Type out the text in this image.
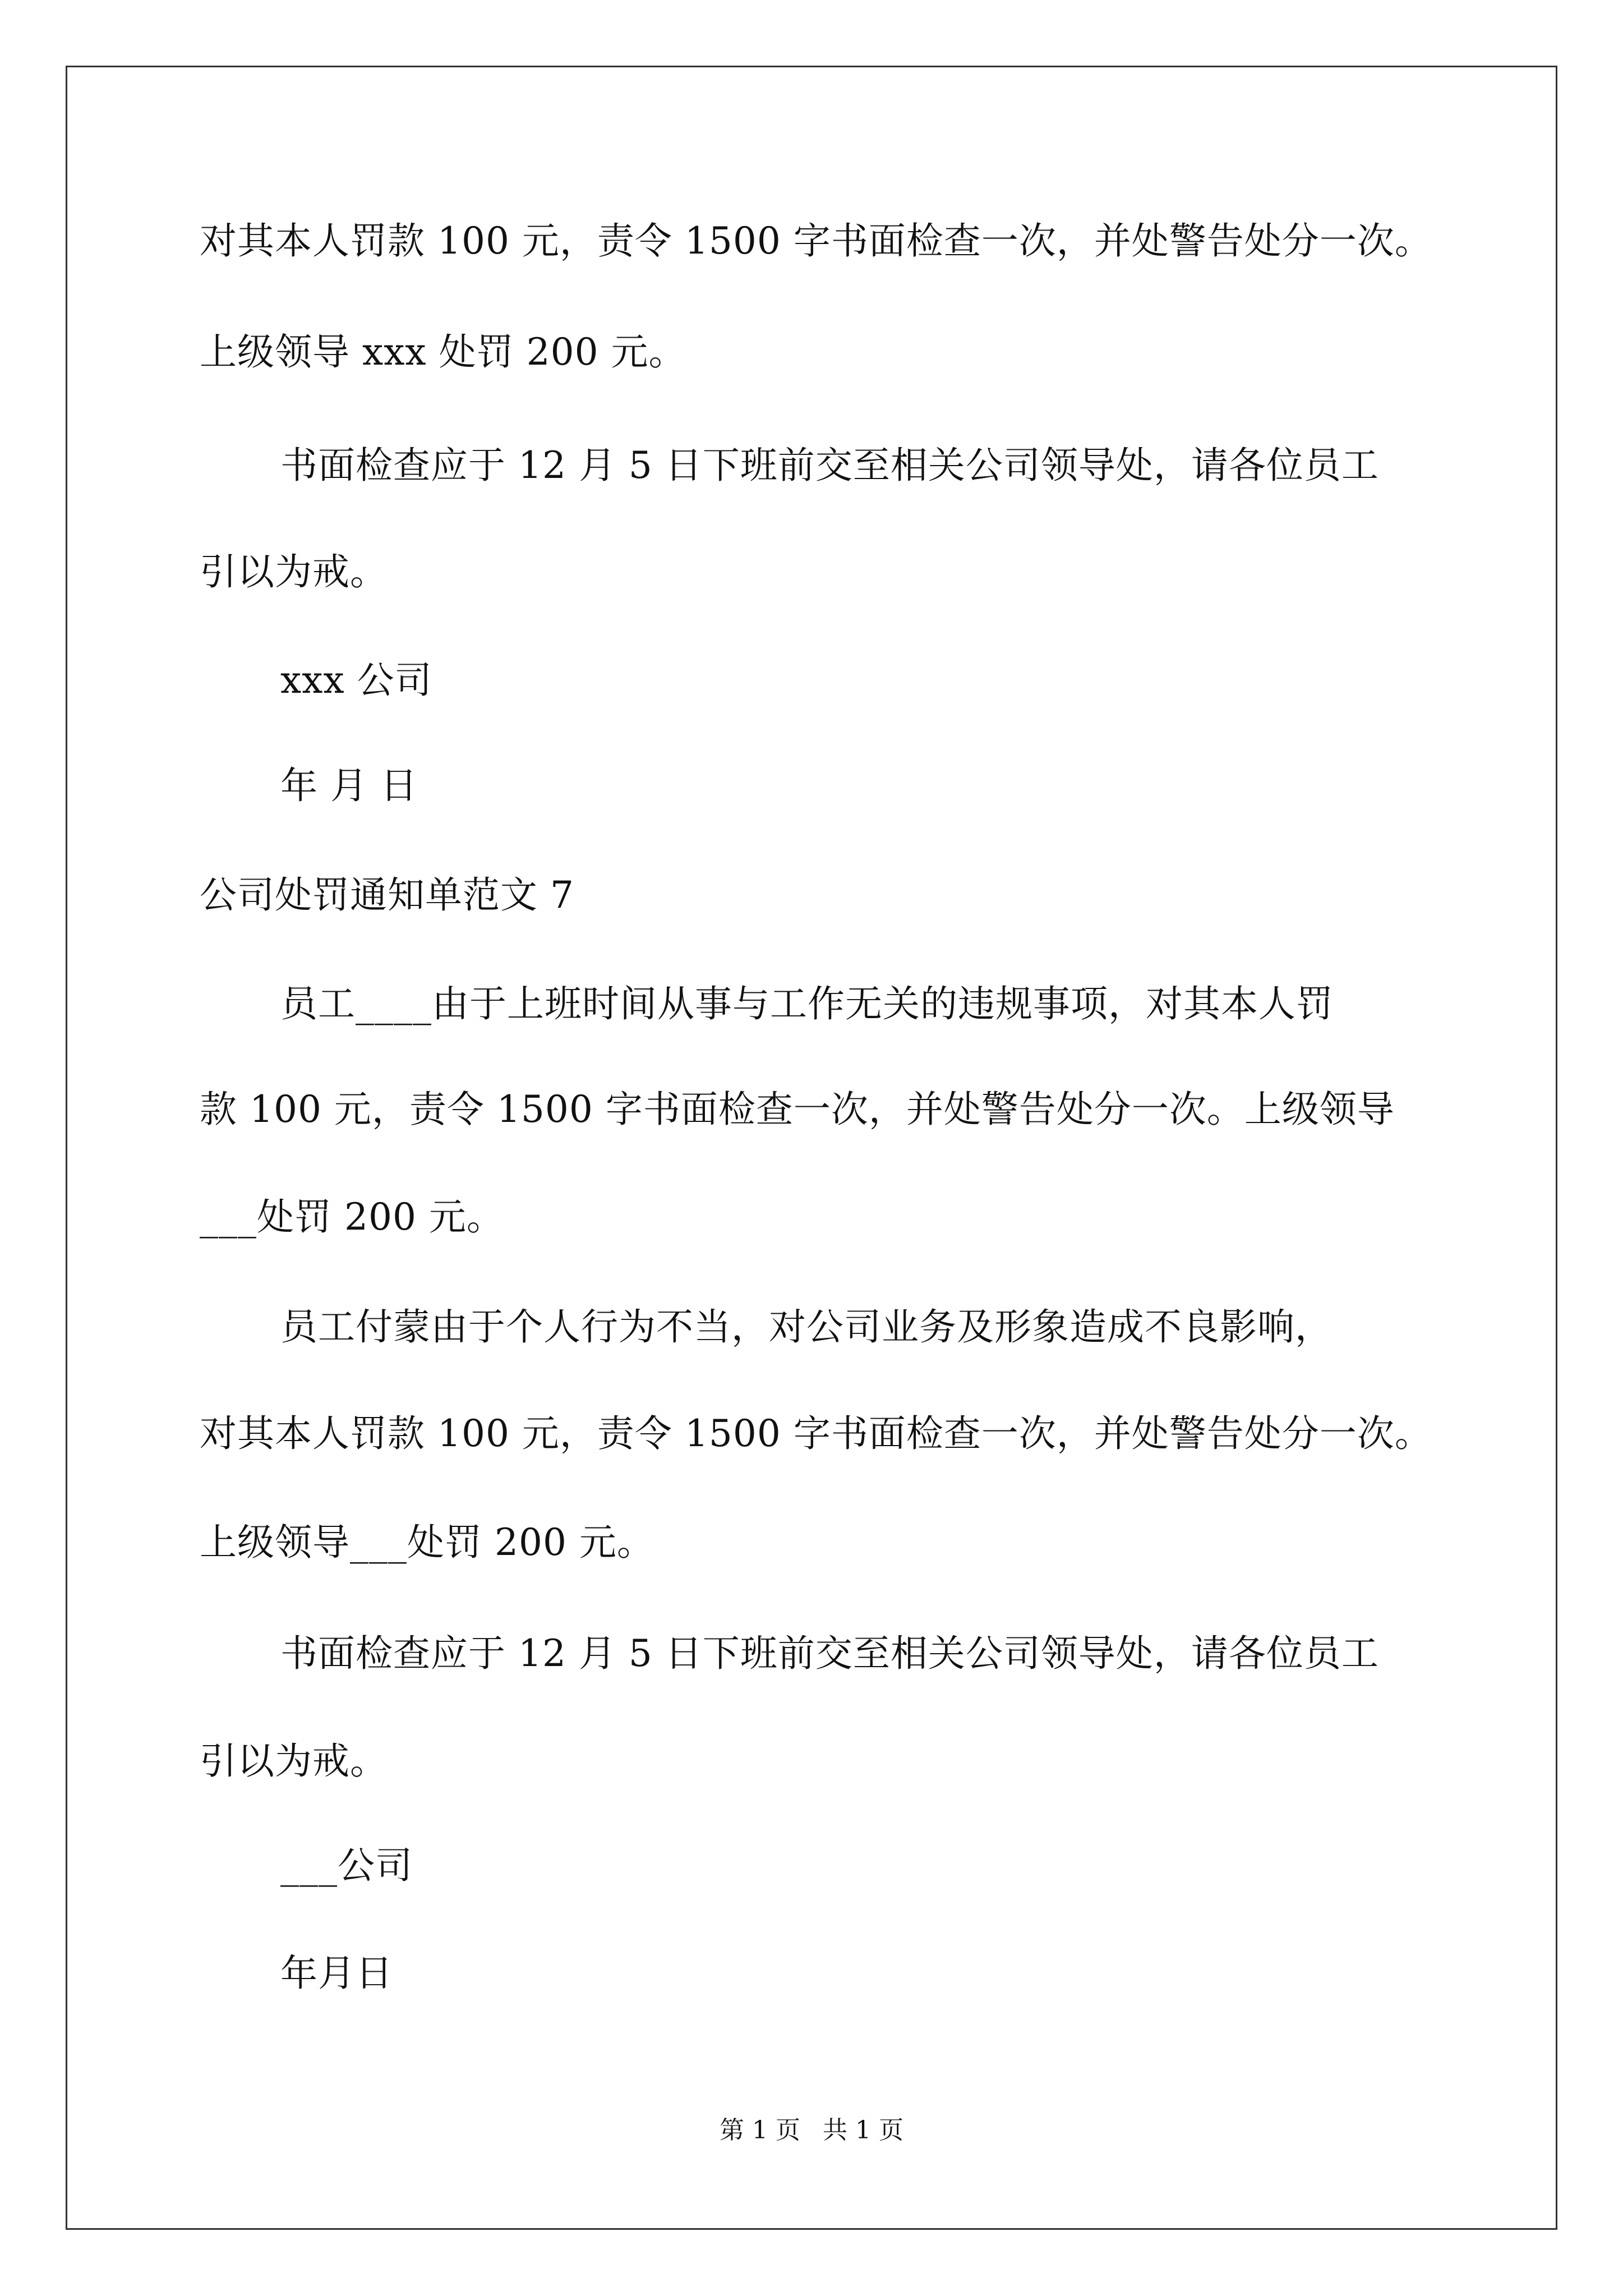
对其本人罚款 100 元，责令 1500 字书面检查一次，并处警告处分一次。
上级领导 xxx 处罚 200 元。
书面检查应于 12 月 5 日下班前交至相关公司领导处，请各位员工
引以为戒。
xxx 公司
年 月 日
公司处罚通知单范文 7
员工____由于上班时间从事与工作无关的违规事项，对其本人罚
款 100 元，责令 1500 字书面检查一次，并处警告处分一次。上级领导
___处罚 200 元。
员工付蒙由于个人行为不当，对公司业务及形象造成不良影响，
对其本人罚款 100 元，责令 1500 字书面检查一次，并处警告处分一次。
上级领导___处罚 200 元。
书面检查应于 12 月 5 日下班前交至相关公司领导处，请各位员工
引以为戒。
___公司
年月日
第 1 页 共 1 页
